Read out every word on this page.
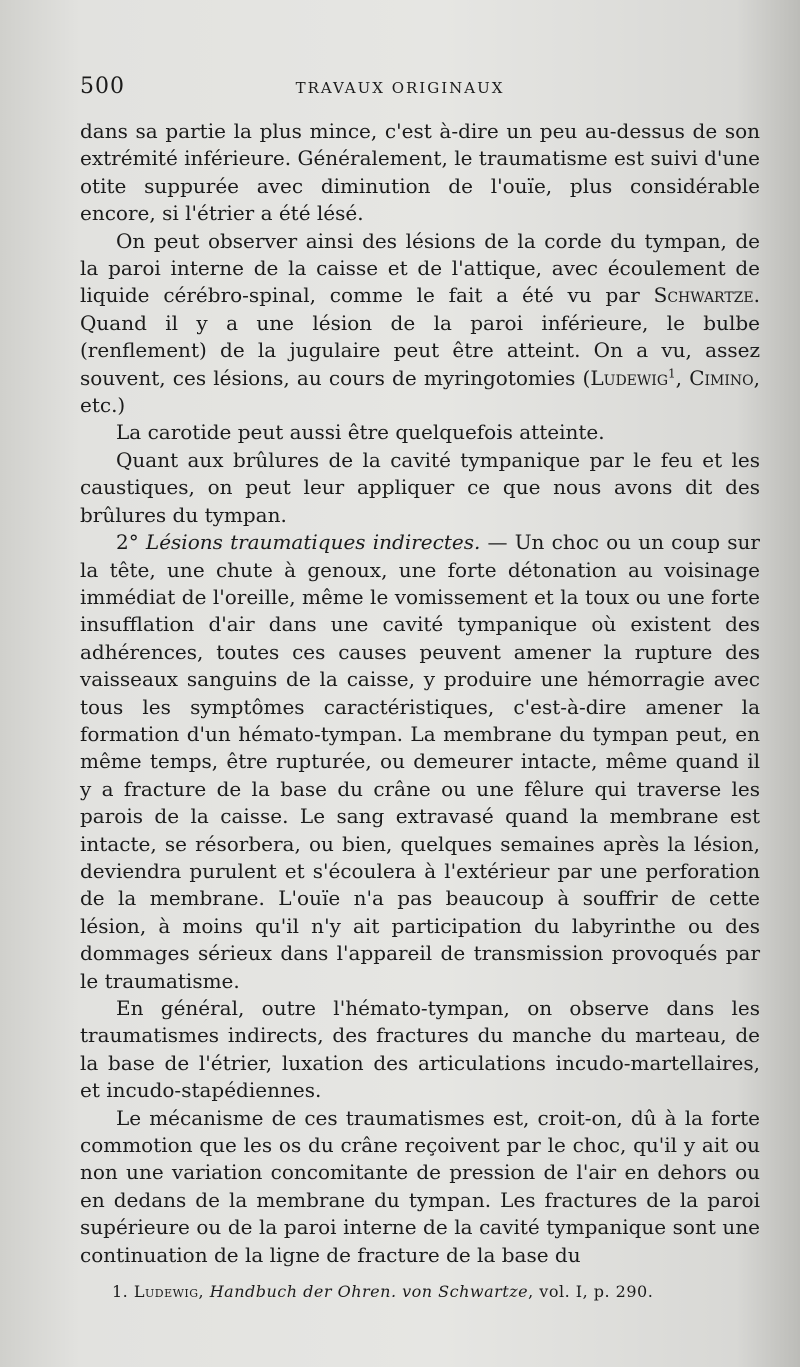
500	TRAVAUX ORIGINAUX

dans sa partie la plus mince, c'est à-dire un peu au-dessus de son extrémité inférieure. Généralement, le traumatisme est suivi d'une otite suppurée avec diminution de l'ouïe, plus considérable encore, si l'étrier a été lésé.

On peut observer ainsi des lésions de la corde du tympan, de la paroi interne de la caisse et de l'attique, avec écoulement de liquide cérébro-spinal, comme le fait a été vu par Schwartze. Quand il y a une lésion de la paroi inférieure, le bulbe (renflement) de la jugulaire peut être atteint. On a vu, assez souvent, ces lésions, au cours de myringotomies (Ludewig$^1$, Cimino, etc.)

La carotide peut aussi être quelquefois atteinte.

Quant aux brûlures de la cavité tympanique par le feu et les caustiques, on peut leur appliquer ce que nous avons dit des brûlures du tympan.

2° Lésions traumatiques indirectes. — Un choc ou un coup sur la tête, une chute à genoux, une forte détonation au voisinage immédiat de l'oreille, même le vomissement et la toux ou une forte insufflation d'air dans une cavité tympanique où existent des adhérences, toutes ces causes peuvent amener la rupture des vaisseaux sanguins de la caisse, y produire une hémorragie avec tous les symptômes caractéristiques, c'est-à-dire amener la formation d'un hémato-tympan. La membrane du tympan peut, en même temps, être rupturée, ou demeurer intacte, même quand il y a fracture de la base du crâne ou une fêlure qui traverse les parois de la caisse. Le sang extravasé quand la membrane est intacte, se résorbera, ou bien, quelques semaines après la lésion, deviendra purulent et s'écoulera à l'extérieur par une perforation de la membrane. L'ouïe n'a pas beaucoup à souffrir de cette lésion, à moins qu'il n'y ait participation du labyrinthe ou des dommages sérieux dans l'appareil de transmission provoqués par le traumatisme.

En général, outre l'hémato-tympan, on observe dans les traumatismes indirects, des fractures du manche du marteau, de la base de l'étrier, luxation des articulations incudo-martellaires, et incudo-stapédiennes.

Le mécanisme de ces traumatismes est, croit-on, dû à la forte commotion que les os du crâne reçoivent par le choc, qu'il y ait ou non une variation concomitante de pression de l'air en dehors ou en dedans de la membrane du tympan. Les fractures de la paroi supérieure ou de la paroi interne de la cavité tympanique sont une continuation de la ligne de fracture de la base du

1. Ludewig, Handbuch der Ohren. von Schwartze, vol. I, p. 290.
